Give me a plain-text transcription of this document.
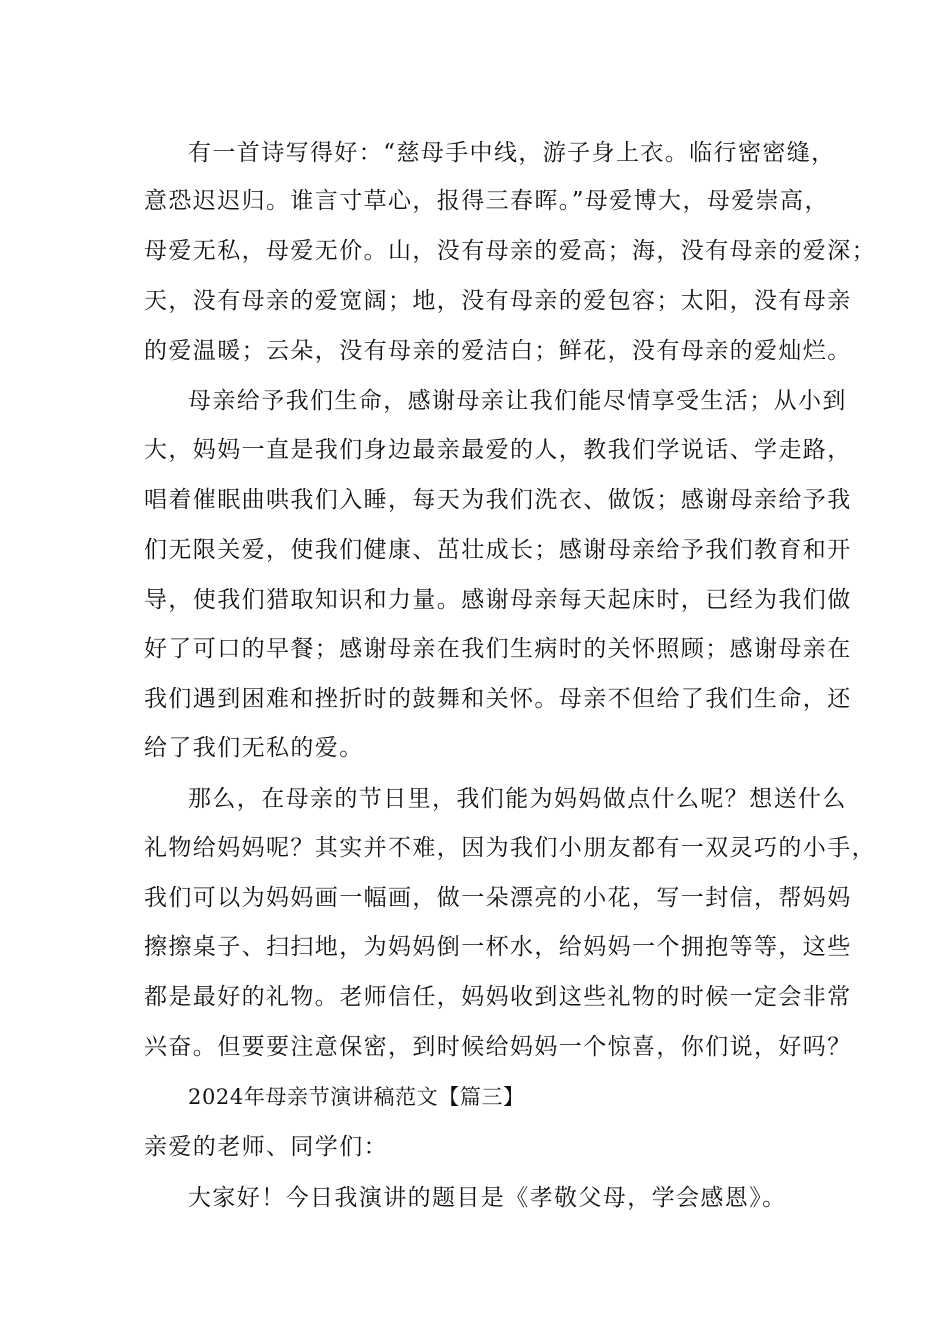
有一首诗写得好：“慈母手中线，游子身上衣。临行密密缝，
意恐迟迟归。谁言寸草心，报得三春晖。”母爱博大，母爱崇高，
母爱无私，母爱无价。山，没有母亲的爱高；海，没有母亲的爱深；
天，没有母亲的爱宽阔；地，没有母亲的爱包容；太阳，没有母亲
的爱温暖；云朵，没有母亲的爱洁白；鲜花，没有母亲的爱灿烂。
母亲给予我们生命，感谢母亲让我们能尽情享受生活；从小到
大，妈妈一直是我们身边最亲最爱的人，教我们学说话、学走路，
唱着催眠曲哄我们入睡，每天为我们洗衣、做饭；感谢母亲给予我
们无限关爱，使我们健康、茁壮成长；感谢母亲给予我们教育和开
导，使我们猎取知识和力量。感谢母亲每天起床时，已经为我们做
好了可口的早餐；感谢母亲在我们生病时的关怀照顾；感谢母亲在
我们遇到困难和挫折时的鼓舞和关怀。母亲不但给了我们生命，还
给了我们无私的爱。
那么，在母亲的节日里，我们能为妈妈做点什么呢？想送什么
礼物给妈妈呢？其实并不难，因为我们小朋友都有一双灵巧的小手，
我们可以为妈妈画一幅画，做一朵漂亮的小花，写一封信，帮妈妈
擦擦桌子、扫扫地，为妈妈倒一杯水，给妈妈一个拥抱等等，这些
都是最好的礼物。老师信任，妈妈收到这些礼物的时候一定会非常
兴奋。但要要注意保密，到时候给妈妈一个惊喜，你们说，好吗？
2024年母亲节演讲稿范文【篇三】
亲爱的老师、同学们：
大家好！今日我演讲的题目是《孝敬父母，学会感恩》。
